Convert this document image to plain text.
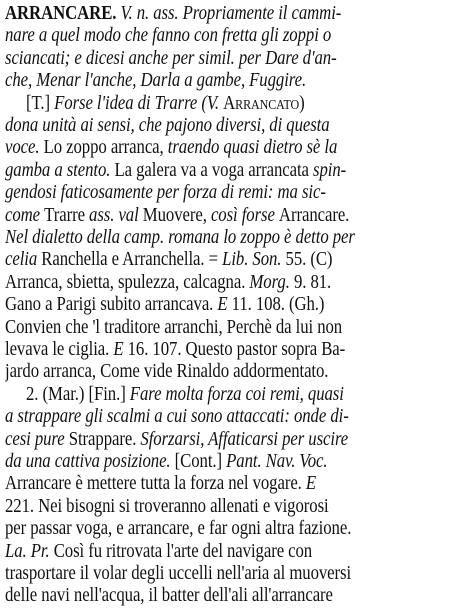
ARRANCARE. V. n. ass. Propriamente il cammi-
nare a quel modo che fanno con fretta gli zoppi o
sciancati; e dicesi anche per simil. per Dare d'an-
che, Menar l'anche, Darla a gambe, Fuggire.
[T.] Forse l'idea di Trarre (V. Arrancato)
dona unità ai sensi, che pajono diversi, di questa
voce. Lo zoppo arranca, traendo quasi dietro sè la
gamba a stento. La galera va a voga arrancata spin-
gendosi faticosamente per forza di remi: ma sic-
come Trarre ass. val Muovere, così forse Arrancare.
Nel dialetto della camp. romana lo zoppo è detto per
celia Ranchella e Arranchella. = Lib. Son. 55. (C)
Arranca, sbietta, spulezza, calcagna. Morg. 9. 81.
Gano a Parigi subito arrancava. E 11. 108. (Gh.)
Convien che 'l traditore arranchi, Perchè da lui non
levava le ciglia. E 16. 107. Questo pastor sopra Ba-
jardo arranca, Come vide Rinaldo addormentato.
2. (Mar.) [Fin.] Fare molta forza coi remi, quasi
a strappare gli scalmi a cui sono attaccati: onde di-
cesi pure Strappare. Sforzarsi, Affaticarsi per uscire
da una cattiva posizione. [Cont.] Pant. Nav. Voc.
Arrancare è mettere tutta la forza nel vogare. E
221. Nei bisogni si troveranno allenati e vigorosi
per passar voga, e arrancare, e far ogni altra fazione.
La. Pr. Così fu ritrovata l'arte del navigare con
trasportare il volar degli uccelli nell'aria al muoversi
delle navi nell'acqua, il batter dell'ali all'arrancare
